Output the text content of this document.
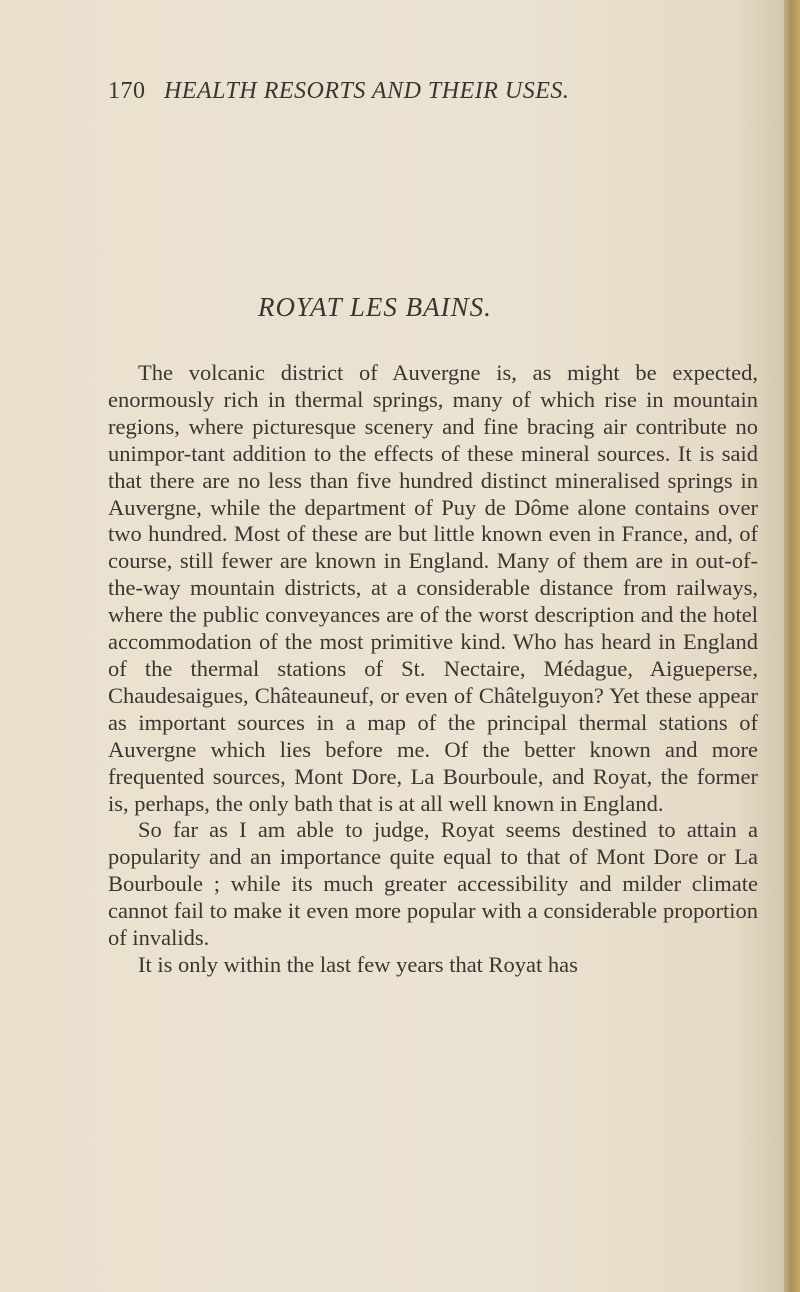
170 HEALTH RESORTS AND THEIR USES.
ROYAT LES BAINS.

The volcanic district of Auvergne is, as might be expected, enormously rich in thermal springs, many of which rise in mountain regions, where picturesque scenery and fine bracing air contribute no unimpor-tant addition to the effects of these mineral sources. It is said that there are no less than five hundred distinct mineralised springs in Auvergne, while the department of Puy de Dôme alone contains over two hundred. Most of these are but little known even in France, and, of course, still fewer are known in England. Many of them are in out-of-the-way mountain districts, at a considerable distance from railways, where the public conveyances are of the worst description and the hotel accommodation of the most primitive kind. Who has heard in England of the thermal stations of St. Nectaire, Médague, Aigueperse, Chaudesaigues, Châteauneuf, or even of Châtelguyon? Yet these appear as important sources in a map of the principal thermal stations of Auvergne which lies before me. Of the better known and more frequented sources, Mont Dore, La Bourboule, and Royat, the former is, perhaps, the only bath that is at all well known in England.

So far as I am able to judge, Royat seems destined to attain a popularity and an importance quite equal to that of Mont Dore or La Bourboule ; while its much greater accessibility and milder climate cannot fail to make it even more popular with a considerable proportion of invalids.

It is only within the last few years that Royat has
